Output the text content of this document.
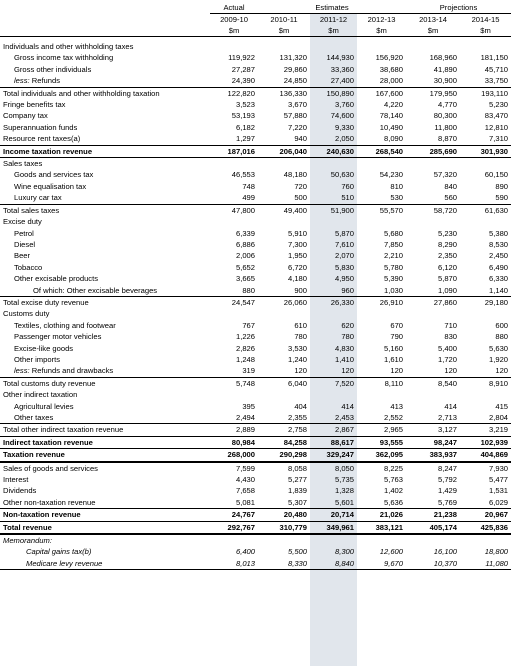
	Actual	Estimates			Projections	
	2009-10	2010-11	2011-12	2012-13	2013-14	2014-15
	$m	$m	$m	$m	$m	$m

Individuals and other withholding taxes						
Gross income tax withholding	119,922	131,320	144,930	156,920	168,960	181,150
Gross other individuals	27,287	29,860	33,360	38,680	41,890	45,710
less: Refunds	24,390	24,850	27,400	28,000	30,900	33,750
Total individuals and other withholding taxation	122,820	136,330	150,890	167,600	179,950	193,110
Fringe benefits tax	3,523	3,670	3,760	4,220	4,770	5,230
Company tax	53,193	57,880	74,600	78,140	80,300	83,470
Superannuation funds	6,182	7,220	9,330	10,490	11,800	12,810
Resource rent taxes(a)	1,297	940	2,050	8,090	8,870	7,310
Income taxation revenue	187,016	206,040	240,630	268,540	285,690	301,930
Sales taxes						
Goods and services tax	46,553	48,180	50,630	54,230	57,320	60,150
Wine equalisation tax	748	720	760	810	840	890
Luxury car tax	499	500	510	530	560	590
Total sales taxes	47,800	49,400	51,900	55,570	58,720	61,630
Excise duty						
Petrol	6,339	5,910	5,870	5,680	5,230	5,380
Diesel	6,886	7,300	7,610	7,850	8,290	8,530
Beer	2,006	1,950	2,070	2,210	2,350	2,450
Tobacco	5,652	6,720	5,830	5,780	6,120	6,490
Other excisable products	3,665	4,180	4,950	5,390	5,870	6,330
Of which: Other excisable beverages	880	900	960	1,030	1,090	1,140
Total excise duty revenue	24,547	26,060	26,330	26,910	27,860	29,180
Customs duty						
Textiles, clothing and footwear	767	610	620	670	710	600
Passenger motor vehicles	1,226	780	780	790	830	880
Excise-like goods	2,826	3,530	4,830	5,160	5,400	5,630
Other imports	1,248	1,240	1,410	1,610	1,720	1,920
less: Refunds and drawbacks	319	120	120	120	120	120
Total customs duty revenue	5,748	6,040	7,520	8,110	8,540	8,910
Other indirect taxation						
Agricultural levies	395	404	414	413	414	415
Other taxes	2,494	2,355	2,453	2,552	2,713	2,804
Total other indirect taxation revenue	2,889	2,758	2,867	2,965	3,127	3,219
Indirect taxation revenue	80,984	84,258	88,617	93,555	98,247	102,939
Taxation revenue	268,000	290,298	329,247	362,095	383,937	404,869
Sales of goods and services	7,599	8,058	8,050	8,225	8,247	7,930
Interest	4,430	5,277	5,735	5,763	5,792	5,477
Dividends	7,658	1,839	1,328	1,402	1,429	1,531
Other non-taxation revenue	5,081	5,307	5,601	5,636	5,769	6,029
Non-taxation revenue	24,767	20,480	20,714	21,026	21,238	20,967
Total revenue	292,767	310,779	349,961	383,121	405,174	425,836
Memorandum:						
Capital gains tax(b)	6,400	5,500	8,300	12,600	16,100	18,800
Medicare levy revenue	8,013	8,330	8,840	9,670	10,370	11,080
